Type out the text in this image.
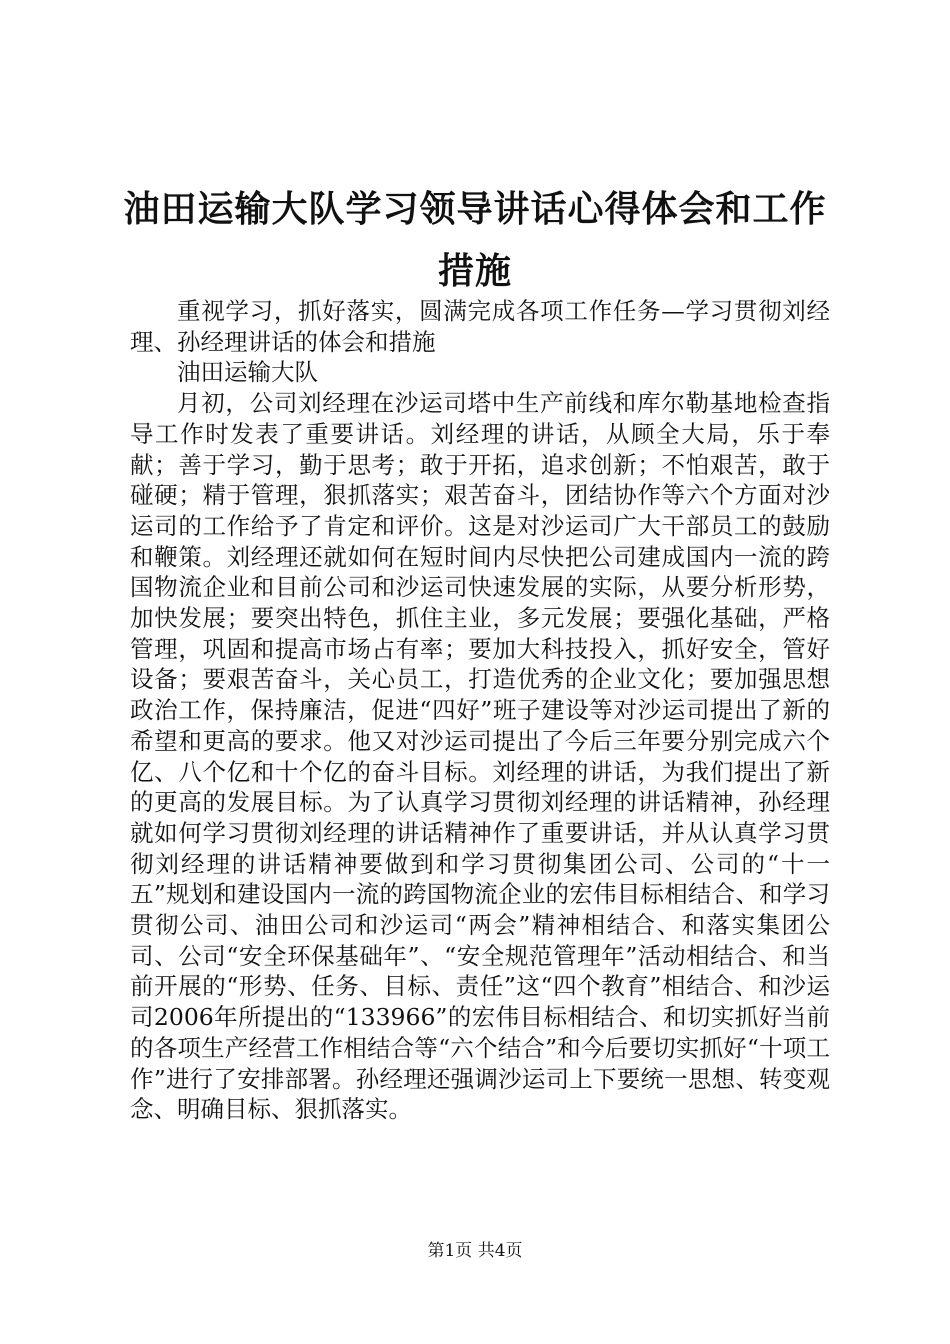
油田运输大队学习领导讲话心得体会和工作措施

重视学习，抓好落实，圆满完成各项工作任务—学习贯彻刘经理、孙经理讲话的体会和措施

油田运输大队

月初，公司刘经理在沙运司塔中生产前线和库尔勒基地检查指导工作时发表了重要讲话。刘经理的讲话，从顾全大局，乐于奉献；善于学习，勤于思考；敢于开拓，追求创新；不怕艰苦，敢于碰硬；精于管理，狠抓落实；艰苦奋斗，团结协作等六个方面对沙运司的工作给予了肯定和评价。这是对沙运司广大干部员工的鼓励和鞭策。刘经理还就如何在短时间内尽快把公司建成国内一流的跨国物流企业和目前公司和沙运司快速发展的实际，从要分析形势，加快发展；要突出特色，抓住主业，多元发展；要强化基础，严格管理，巩固和提高市场占有率；要加大科技投入，抓好安全，管好设备；要艰苦奋斗，关心员工，打造优秀的企业文化；要加强思想政治工作，保持廉洁，促进“四好”班子建设等对沙运司提出了新的希望和更高的要求。他又对沙运司提出了今后三年要分别完成六个亿、八个亿和十个亿的奋斗目标。刘经理的讲话，为我们提出了新的更高的发展目标。为了认真学习贯彻刘经理的讲话精神，孙经理就如何学习贯彻刘经理的讲话精神作了重要讲话，并从认真学习贯彻刘经理的讲话精神要做到和学习贯彻集团公司、公司的“十一五”规划和建设国内一流的跨国物流企业的宏伟目标相结合、和学习贯彻公司、油田公司和沙运司“两会”精神相结合、和落实集团公司、公司“安全环保基础年”、“安全规范管理年”活动相结合、和当前开展的“形势、任务、目标、责任”这“四个教育”相结合、和沙运司2006年所提出的“133966”的宏伟目标相结合、和切实抓好当前的各项生产经营工作相结合等“六个结合”和今后要切实抓好“十项工作”进行了安排部署。孙经理还强调沙运司上下要统一思想、转变观念、明确目标、狠抓落实。

第1页 共4页
